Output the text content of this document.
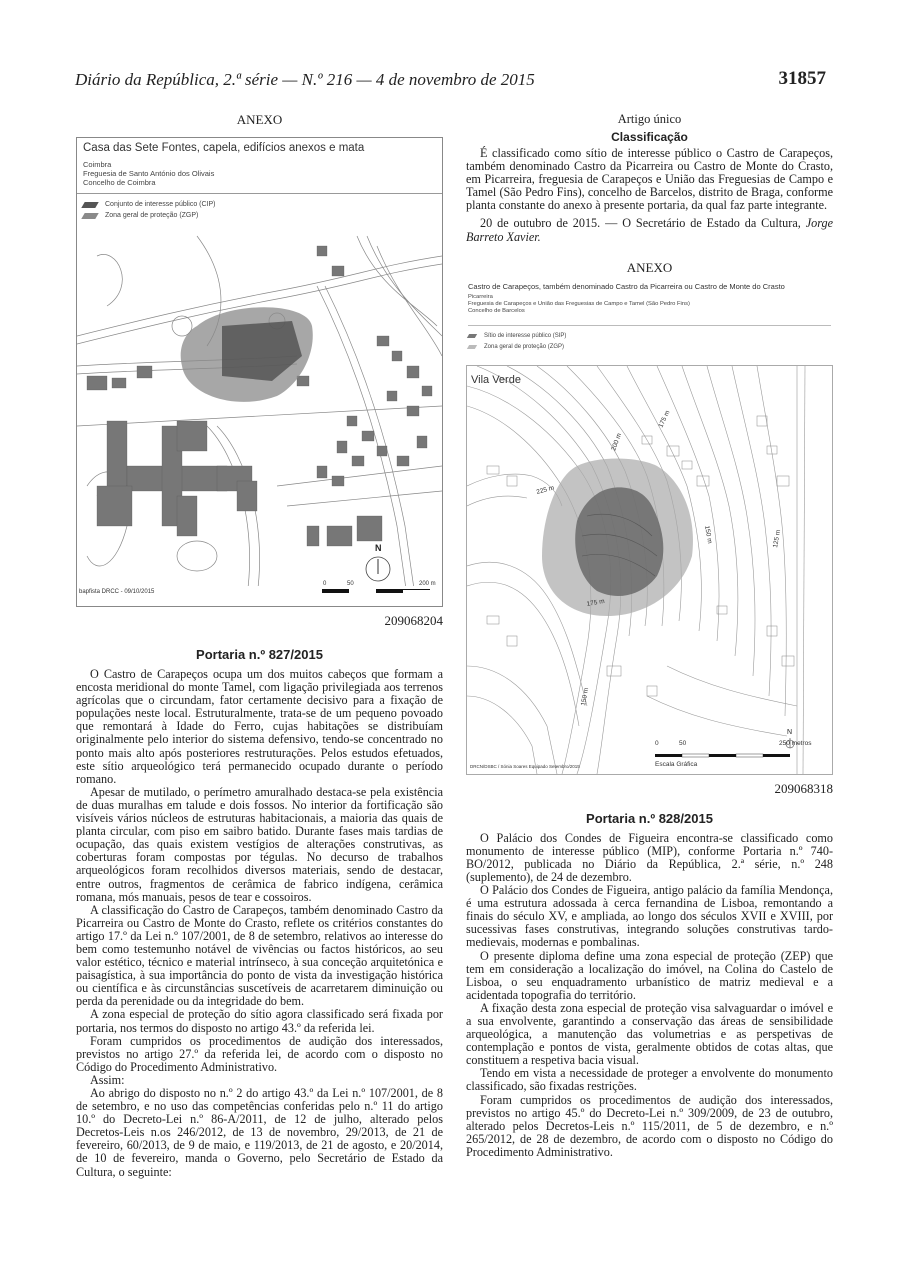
Diário da República, 2.ª série — N.º 216 — 4 de novembro de 2015	31857
ANEXO
Casa das Sete Fontes, capela, edifícios anexos e mata
Coimbra
Freguesia de Santo António dos Olivais
Concelho de Coimbra
Conjunto de interesse público (CIP)
Zona geral de proteção (ZGP)
N
bapfista DRCC - 09/10/2015
0	50	200 m
209068204
Portaria n.º 827/2015

O Castro de Carapeços ocupa um dos muitos cabeços que formam a encosta meridional do monte Tamel, com ligação privilegiada aos terrenos agrícolas que o circundam, fator certamente decisivo para a fixação de populações neste local. Estruturalmente, trata-se de um pequeno povoado que remontará à Idade do Ferro, cujas habitações se distribuíam originalmente pelo interior do sistema defensivo, tendo-se concentrado no ponto mais alto após posteriores restruturações. Pelos estudos efetuados, este sítio arqueológico terá permanecido ocupado durante o período romano.

Apesar de mutilado, o perímetro amuralhado destaca-se pela existência de duas muralhas em talude e dois fossos. No interior da fortificação são visíveis vários núcleos de estruturas habitacionais, a maioria das quais de planta circular, com piso em saibro batido. Durante fases mais tardias de ocupação, das quais existem vestígios de alterações construtivas, as coberturas foram compostas por tégulas. No decurso de trabalhos arqueológicos foram recolhidos diversos materiais, sendo de destacar, entre outros, fragmentos de cerâmica de fabrico indígena, cerâmica romana, mós manuais, pesos de tear e cossoiros.

A classificação do Castro de Carapeços, também denominado Castro da Picarreira ou Castro de Monte do Crasto, reflete os critérios constantes do artigo 17.º da Lei n.º 107/2001, de 8 de setembro, relativos ao interesse do bem como testemunho notável de vivências ou factos históricos, ao seu valor estético, técnico e material intrínseco, à sua conceção arquitetónica e paisagística, à sua importância do ponto de vista da investigação histórica ou científica e às circunstâncias suscetíveis de acarretarem diminuição ou perda da perenidade ou da integridade do bem.

A zona especial de proteção do sítio agora classificado será fixada por portaria, nos termos do disposto no artigo 43.º da referida lei.

Foram cumpridos os procedimentos de audição dos interessados, previstos no artigo 27.º da referida lei, de acordo com o disposto no Código do Procedimento Administrativo.

Assim:

Ao abrigo do disposto no n.º 2 do artigo 43.º da Lei n.º 107/2001, de 8 de setembro, e no uso das competências conferidas pelo n.º 11 do artigo 10.º do Decreto-Lei n.º 86-A/2011, de 12 de julho, alterado pelos Decretos-Leis n.os 246/2012, de 13 de novembro, 29/2013, de 21 de fevereiro, 60/2013, de 9 de maio, e 119/2013, de 21 de agosto, e 20/2014, de 10 de fevereiro, manda o Governo, pelo Secretário de Estado da Cultura, o seguinte:

Artigo único
Classificação

É classificado como sítio de interesse público o Castro de Carapeços, também denominado Castro da Picarreira ou Castro de Monte do Crasto, em Picarreira, freguesia de Carapeços e União das Freguesias de Campo e Tamel (São Pedro Fins), concelho de Barcelos, distrito de Braga, conforme planta constante do anexo à presente portaria, da qual faz parte integrante.

20 de outubro de 2015. — O Secretário de Estado da Cultura, Jorge Barreto Xavier.

ANEXO
Castro de Carapeços, também denominado Castro da Picarreira ou Castro de Monte do Crasto
Picarreira
Freguesia de Carapeços e União das Freguesias de Campo e Tamel (São Pedro Fins)
Concelho de Barcelos
Sítio de interesse público (SIP)
Zona geral de proteção (ZGP)
Vila Verde
175 m
200 m
225 m
150 m	125 m
175 m
150 m
N
0	50	250 metros
Escala Gráfica
DRCN/DSBC / Sónia Soares Equipado Setembro/2015
209068318
Portaria n.º 828/2015

O Palácio dos Condes de Figueira encontra-se classificado como monumento de interesse público (MIP), conforme Portaria n.º 740-BO/2012, publicada no Diário da República, 2.ª série, n.º 248 (suplemento), de 24 de dezembro.

O Palácio dos Condes de Figueira, antigo palácio da família Mendonça, é uma estrutura adossada à cerca fernandina de Lisboa, remontando a finais do século XV, e ampliada, ao longo dos séculos XVII e XVIII, por sucessivas fases construtivas, integrando soluções construtivas tardo-medievais, modernas e pombalinas.

O presente diploma define uma zona especial de proteção (ZEP) que tem em consideração a localização do imóvel, na Colina do Castelo de Lisboa, o seu enquadramento urbanístico de matriz medieval e a acidentada topografia do território.

A fixação desta zona especial de proteção visa salvaguardar o imóvel e a sua envolvente, garantindo a conservação das áreas de sensibilidade arqueológica, a manutenção das volumetrias e as perspetivas de contemplação e pontos de vista, geralmente obtidos de cotas altas, que constituem a respetiva bacia visual.

Tendo em vista a necessidade de proteger a envolvente do monumento classificado, são fixadas restrições.

Foram cumpridos os procedimentos de audição dos interessados, previstos no artigo 45.º do Decreto-Lei n.º 309/2009, de 23 de outubro, alterado pelos Decretos-Leis n.º 115/2011, de 5 de dezembro, e n.º 265/2012, de 28 de dezembro, de acordo com o disposto no Código do Procedimento Administrativo.
